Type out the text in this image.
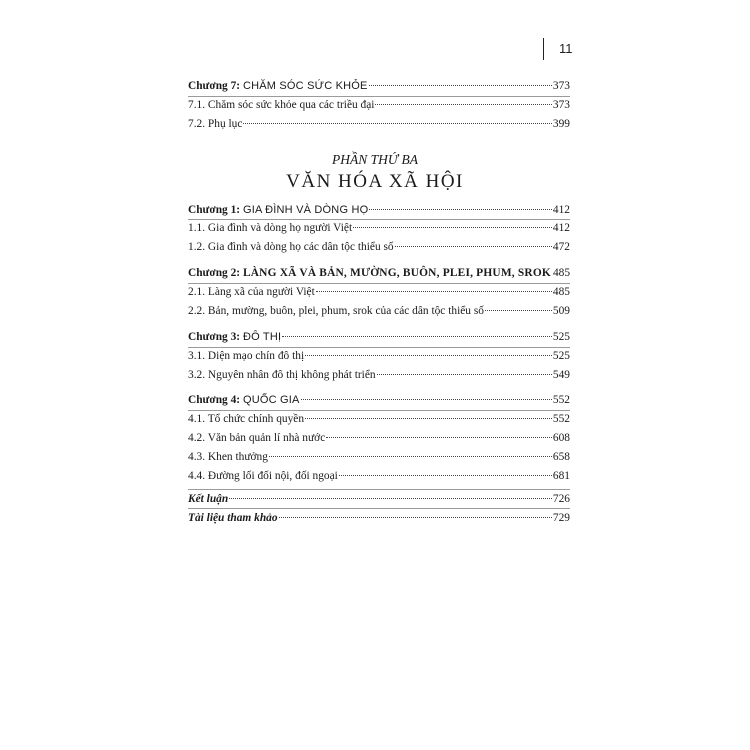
11
Chương 7: CHĂM SÓC SỨC KHỎE	373
7.1. Chăm sóc sức khỏe qua các triều đại	373
7.2. Phụ lục	399
PHẦN THỨ BA
VĂN HÓA XÃ HỘI
Chương 1: GIA ĐÌNH VÀ DÒNG HỌ	412
1.1. Gia đình và dòng họ người Việt	412
1.2. Gia đình và dòng họ các dân tộc thiểu số	472
Chương 2: LÀNG XÃ VÀ BẢN, MƯỜNG, BUÔN, PLEI, PHUM, SROK 485
2.1. Làng xã của người Việt	485
2.2. Bản, mường, buôn, plei, phum, srok của các dân tộc thiểu số	509
Chương 3: ĐÔ THỊ	525
3.1. Diện mạo chín đô thị	525
3.2. Nguyên nhân đô thị không phát triển	549
Chương 4: QUỐC GIA	552
4.1. Tổ chức chính quyền	552
4.2. Văn bản quản lí nhà nước	608
4.3. Khen thưởng	658
4.4. Đường lối đối nội, đối ngoại	681
Kết luận	726
Tài liệu tham khảo	729
